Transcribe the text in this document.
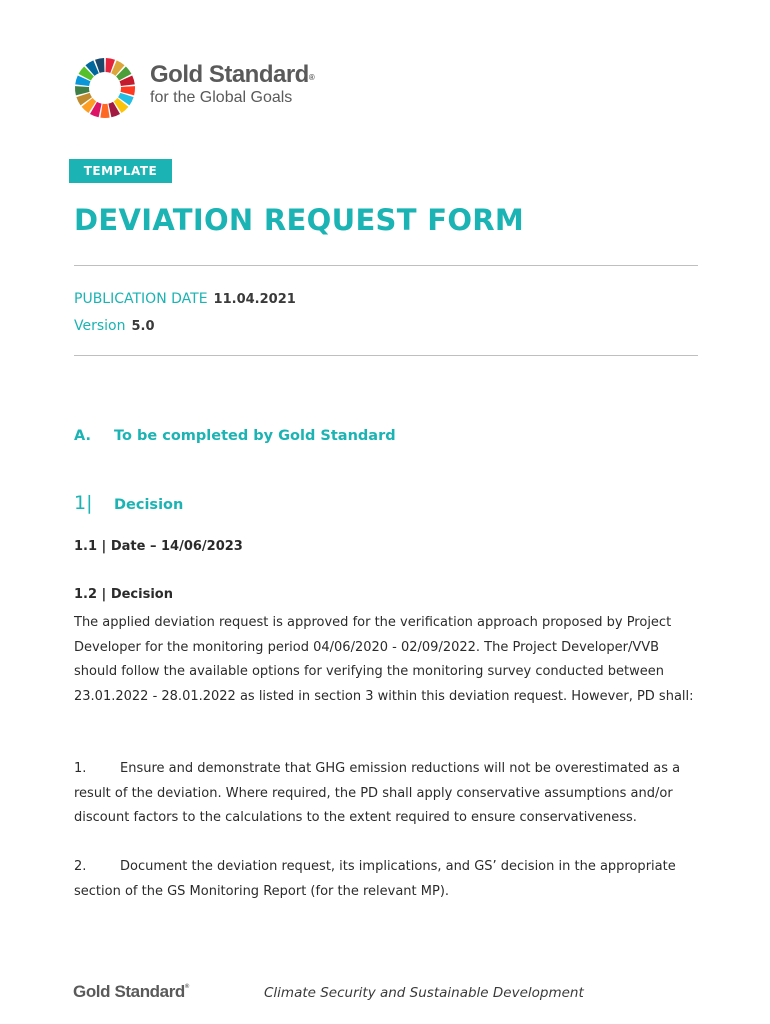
Gold Standard®
for the Global Goals
TEMPLATE
DEVIATION REQUEST FORM
PUBLICATION DATE 11.04.2021
Version 5.0
A. To be completed by Gold Standard
1| Decision
1.1 | Date – 14/06/2023
1.2 | Decision

The applied deviation request is approved for the verification approach proposed by Project Developer for the monitoring period 04/06/2020 - 02/09/2022. The Project Developer/VVB should follow the available options for verifying the monitoring survey conducted between 23.01.2022 - 28.01.2022 as listed in section 3 within this deviation request. However, PD shall:

1.	Ensure and demonstrate that GHG emission reductions will not be overestimated as a result of the deviation. Where required, the PD shall apply conservative assumptions and/or discount factors to the calculations to the extent required to ensure conservativeness.

2.	Document the deviation request, its implications, and GS’ decision in the appropriate section of the GS Monitoring Report (for the relevant MP).

Gold Standard®	Climate Security and Sustainable Development
